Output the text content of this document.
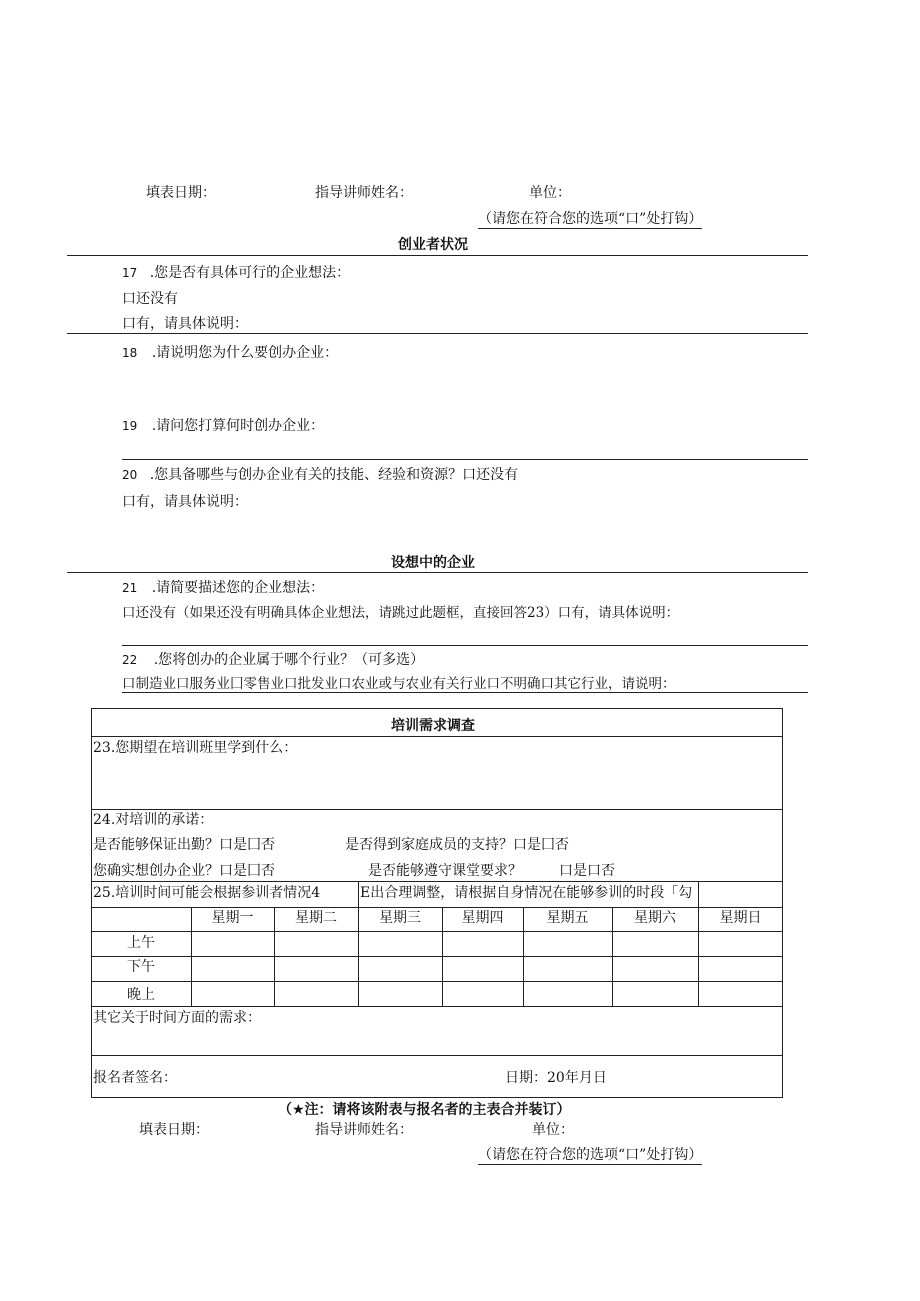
填表日期：	指导讲师姓名：	单位：
（请您在符合您的选项“口”处打钩）
创业者状况
17 .您是否有具体可行的企业想法：
口还没有
口有，请具体说明：
18 .请说明您为什么要创办企业：
19 .请问您打算何时创办企业：
20 .您具备哪些与创办企业有关的技能、经验和资源？口还没有
口有，请具体说明：
设想中的企业
21 .请简要描述您的企业想法：
口还没有（如果还没有明确具体企业想法，请跳过此题框，直接回答23）口有，请具体说明：
22 .您将创办的企业属于哪个行业？（可多选）
口制造业口服务业囗零售业口批发业口农业或与农业有关行业口不明确口其它行业，请说明：
培训需求调查
23.您期望在培训班里学到什么：
24.对培训的承诺：
是否能够保证出勤？口是囗否	是否得到家庭成员的支持？口是囗否
您确实想创办企业？口是囗否	是否能够遵守课堂要求？	口是口否
25.培训时间可能会根据参训者情况4	E出合理调整，请根据自身情况在能够参训的时段「勾
星期一	星期二	星期三	星期四	星期五	星期六	星期日
上午
下午
晚上
其它关于时间方面的需求：
报名者签名：	日期：20年月日
（★注：请将该附表与报名者的主表合并装订）
填表日期：	指导讲师姓名：	单位：
（请您在符合您的选项“口”处打钩）
